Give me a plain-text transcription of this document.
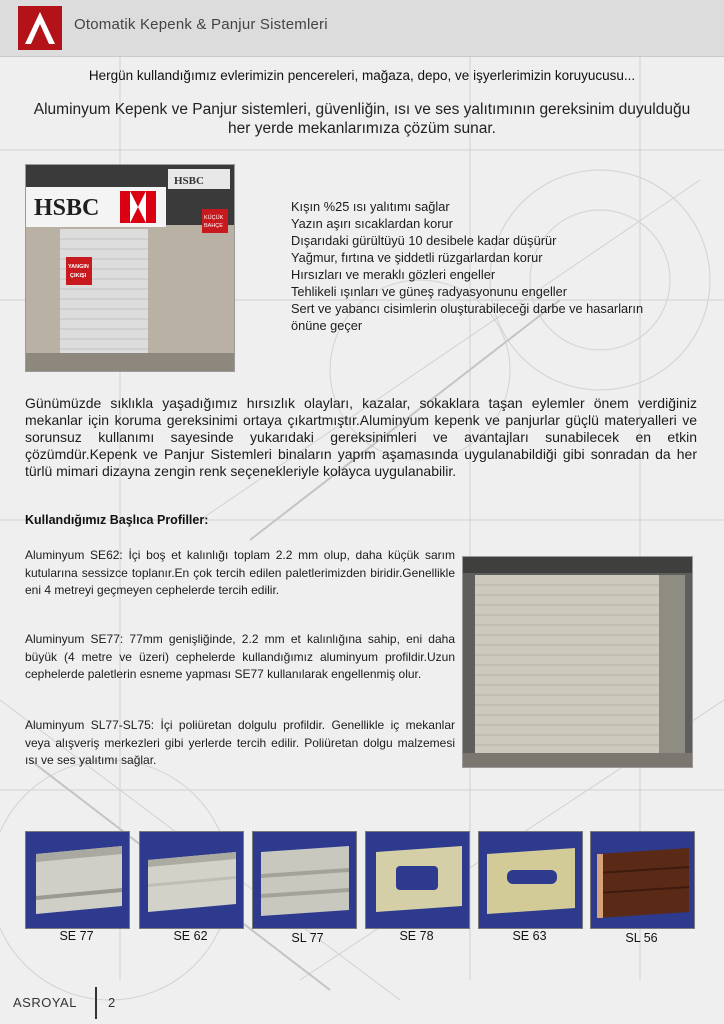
Otomatik Kepenk & Panjur Sistemleri
Hergün kullandığımız evlerimizin pencereleri, mağaza, depo, ve işyerlerimizin koruyucusu...
Aluminyum Kepenk ve Panjur sistemleri, güvenliğin, ısı ve ses yalıtımının gereksinim duyulduğu her yerde mekanlarımıza çözüm sunar.
HSBC
HSBC
YANGIN
ÇIKIŞI
KÜÇÜK
BAHÇE
Kışın %25 ısı yalıtımı sağlar
Yazın aşırı sıcaklardan korur
Dışarıdaki gürültüyü 10 desibele kadar düşürür
Yağmur, fırtına ve şiddetli rüzgarlardan korur
Hırsızları ve meraklı gözleri engeller
Tehlikeli ışınları ve güneş radyasyonunu engeller
Sert ve yabancı cisimlerin oluşturabileceği darbe ve hasarların önüne geçer
Günümüzde sıklıkla yaşadığımız hırsızlık olayları, kazalar, sokaklara taşan eylemler önem verdiğiniz mekanlar için koruma gereksinimi ortaya çıkartmıştır.Aluminyum kepenk ve panjurlar güçlü materyalleri ve sorunsuz kullanımı sayesinde yukarıdaki gereksinimleri ve avantajları sunabilecek en etkin çözümdür.Kepenk ve Panjur Sistemleri binaların yapım aşamasında uygulanabildiği gibi sonradan da her türlü mimari dizayna zengin renk seçenekleriyle kolayca uygulanabilir.
Kullandığımız Başlıca Profiller:
Aluminyum SE62: İçi boş et kalınlığı toplam 2.2 mm olup, daha küçük sarım kutularına sessizce toplanır.En çok tercih edilen paletlerimizden biridir.Genellikle eni 4 metreyi geçmeyen cephelerde tercih edilir.
Aluminyum SE77: 77mm genişliğinde, 2.2 mm et kalınlığına sahip, eni daha büyük (4 metre ve üzeri) cephelerde kullandığımız aluminyum profildir.Uzun cephelerde paletlerin esneme yapması SE77 kullanılarak engellenmiş olur.
Aluminyum SL77-SL75: İçi poliüretan dolgulu profildir. Genellikle iç mekanlar veya alışveriş merkezleri gibi yerlerde tercih edilir. Poliüretan dolgu malzemesi ısı ve ses yalıtımı sağlar.
SE 77	SE 62	SL 77	SE 78	SE 63	SL 56
ASROYAL 2
